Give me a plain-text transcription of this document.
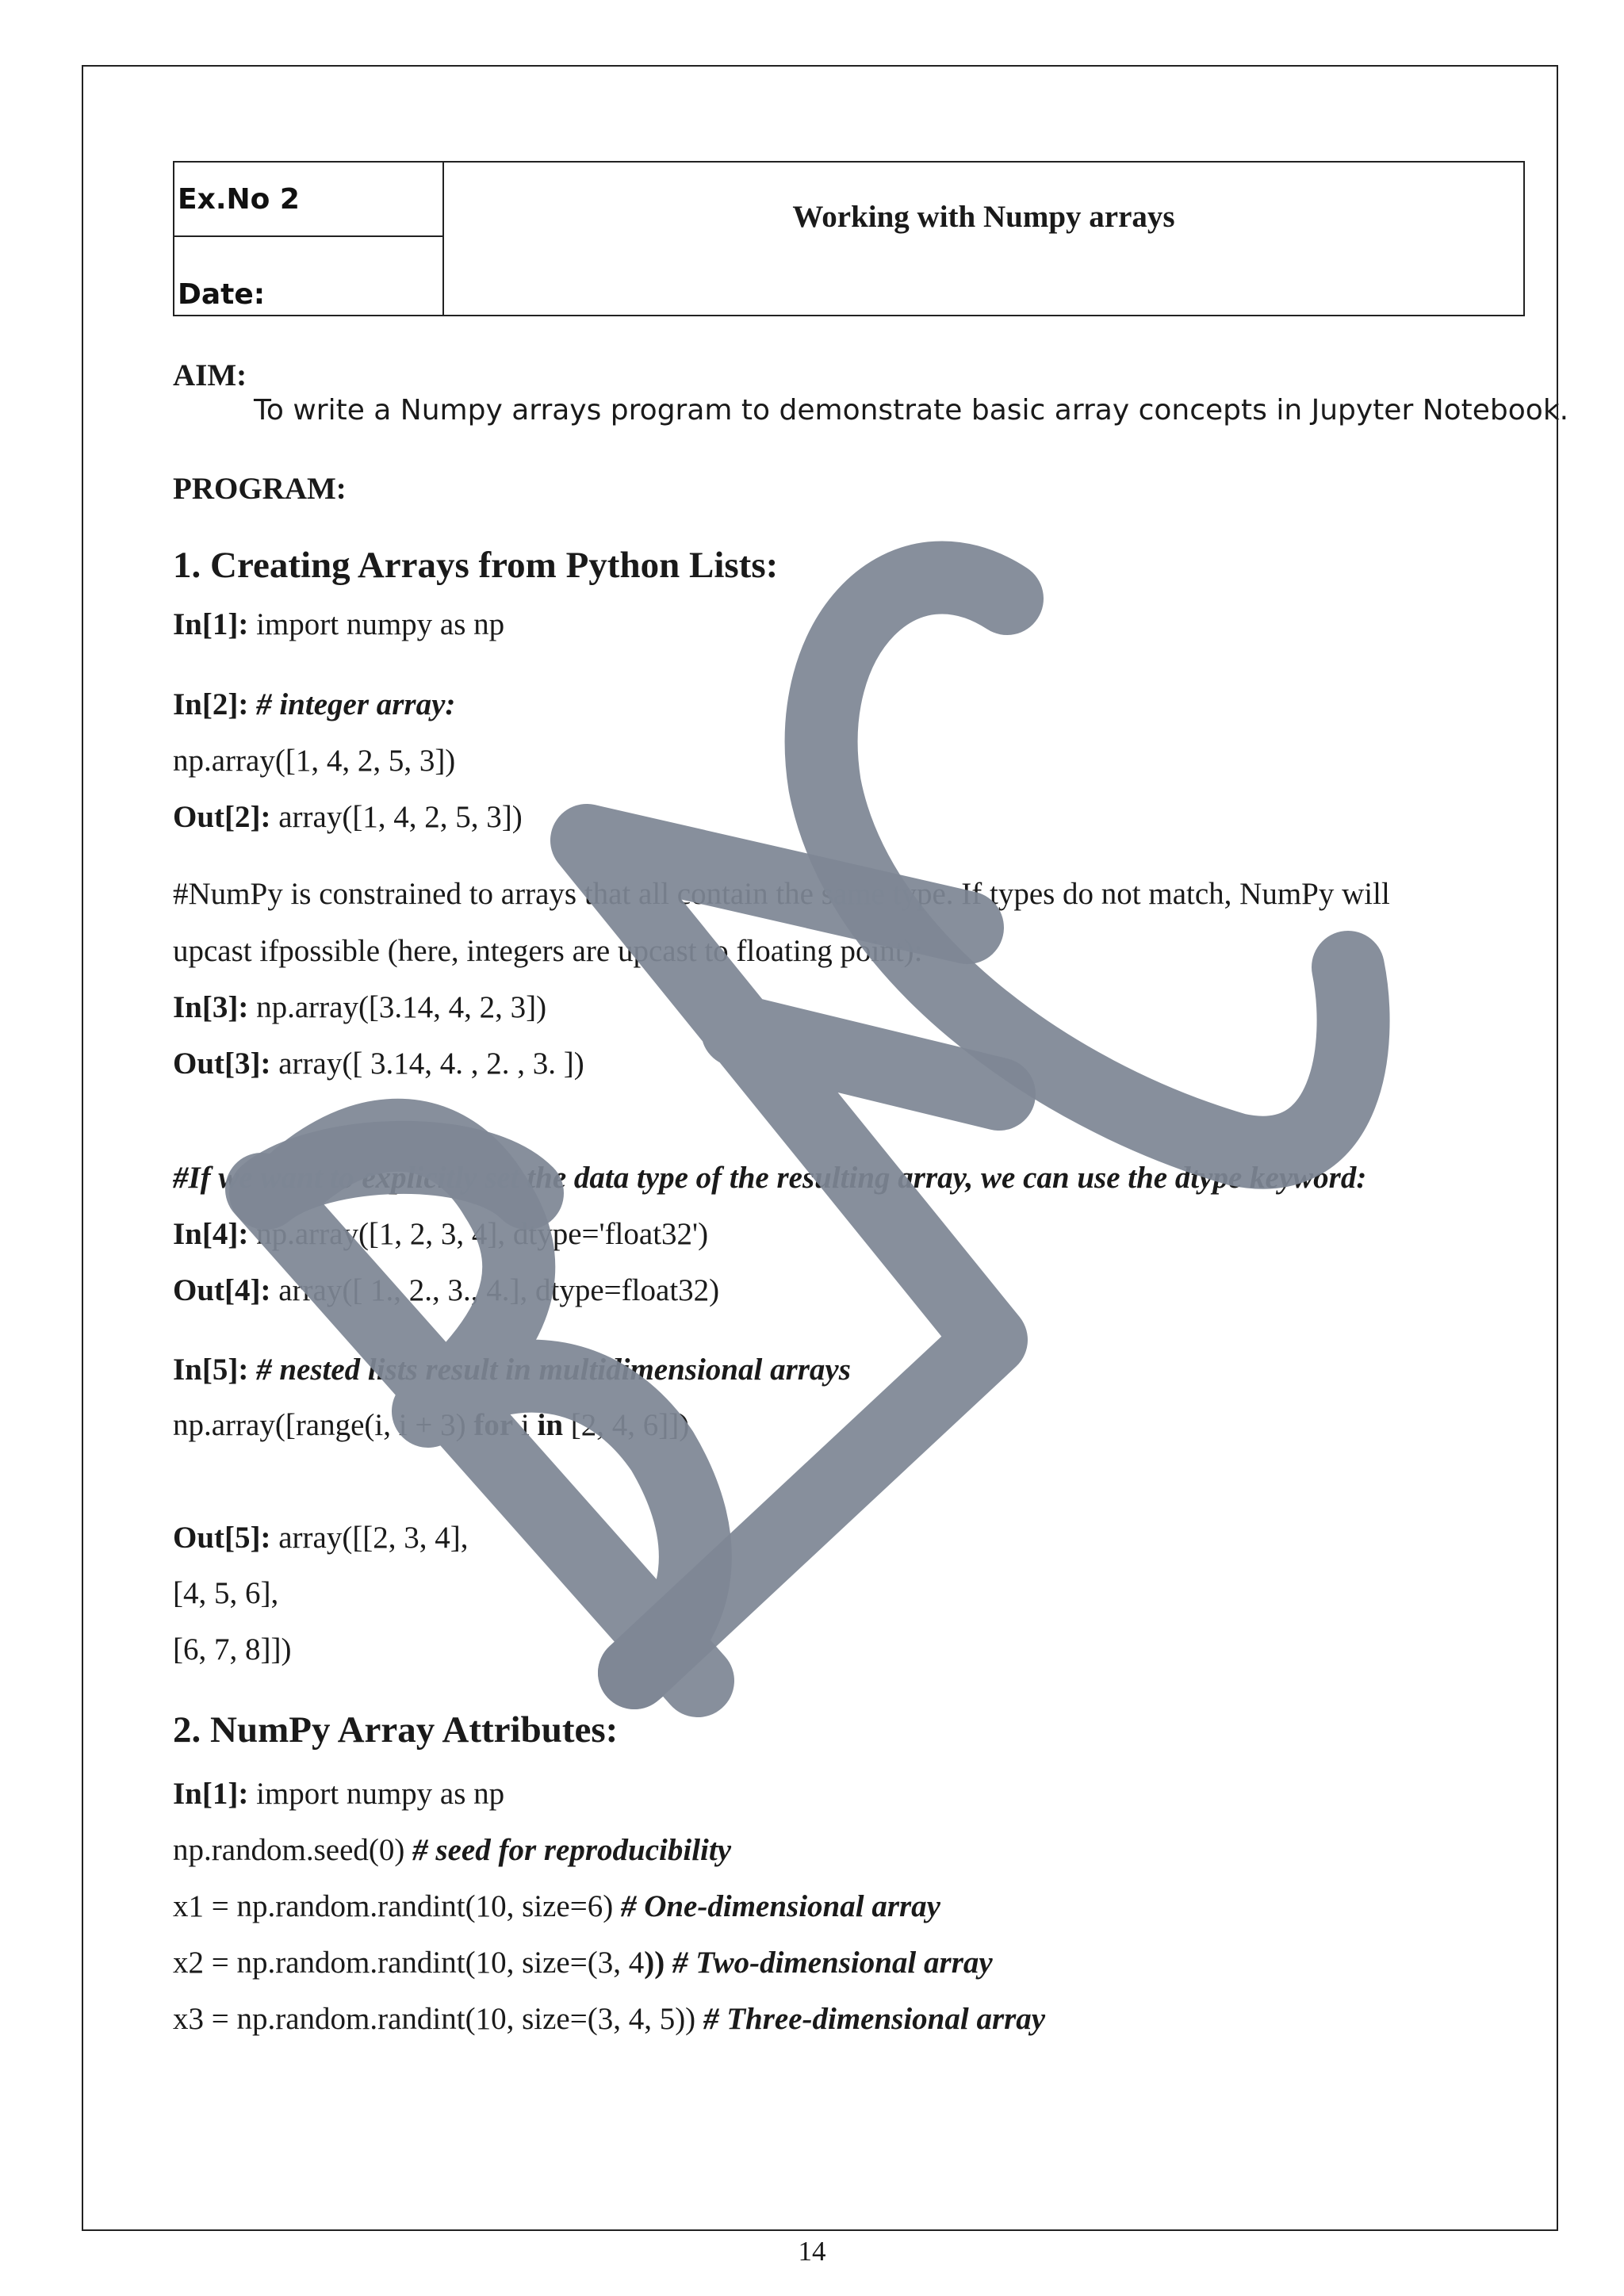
Ex.No 2
Date:
Working with Numpy arrays
AIM:
To write a Numpy arrays program to demonstrate basic array concepts in Jupyter Notebook.
PROGRAM:
1. Creating Arrays from Python Lists:
In[1]: import numpy as np
In[2]: # integer array:
np.array([1, 4, 2, 5, 3])
Out[2]: array([1, 4, 2, 5, 3])
#NumPy is constrained to arrays that all contain the same type. If types do not match, NumPy will
upcast ifpossible (here, integers are upcast to floating point):
In[3]: np.array([3.14, 4, 2, 3])
Out[3]: array([ 3.14, 4. , 2. , 3. ])
#If we want to explicitly set the data type of the resulting array, we can use the dtype keyword:
In[4]: np.array([1, 2, 3, 4], dtype='float32')
Out[4]: array([ 1., 2., 3., 4.], dtype=float32)
In[5]: # nested lists result in multidimensional arrays
np.array([range(i, i + 3) for i in [2, 4, 6]])
Out[5]: array([[2, 3, 4],
[4, 5, 6],
[6, 7, 8]])
2. NumPy Array Attributes:
In[1]: import numpy as np
np.random.seed(0) # seed for reproducibility
x1 = np.random.randint(10, size=6) # One-dimensional array
x2 = np.random.randint(10, size=(3, 4)) # Two-dimensional array
x3 = np.random.randint(10, size=(3, 4, 5)) # Three-dimensional array
14
